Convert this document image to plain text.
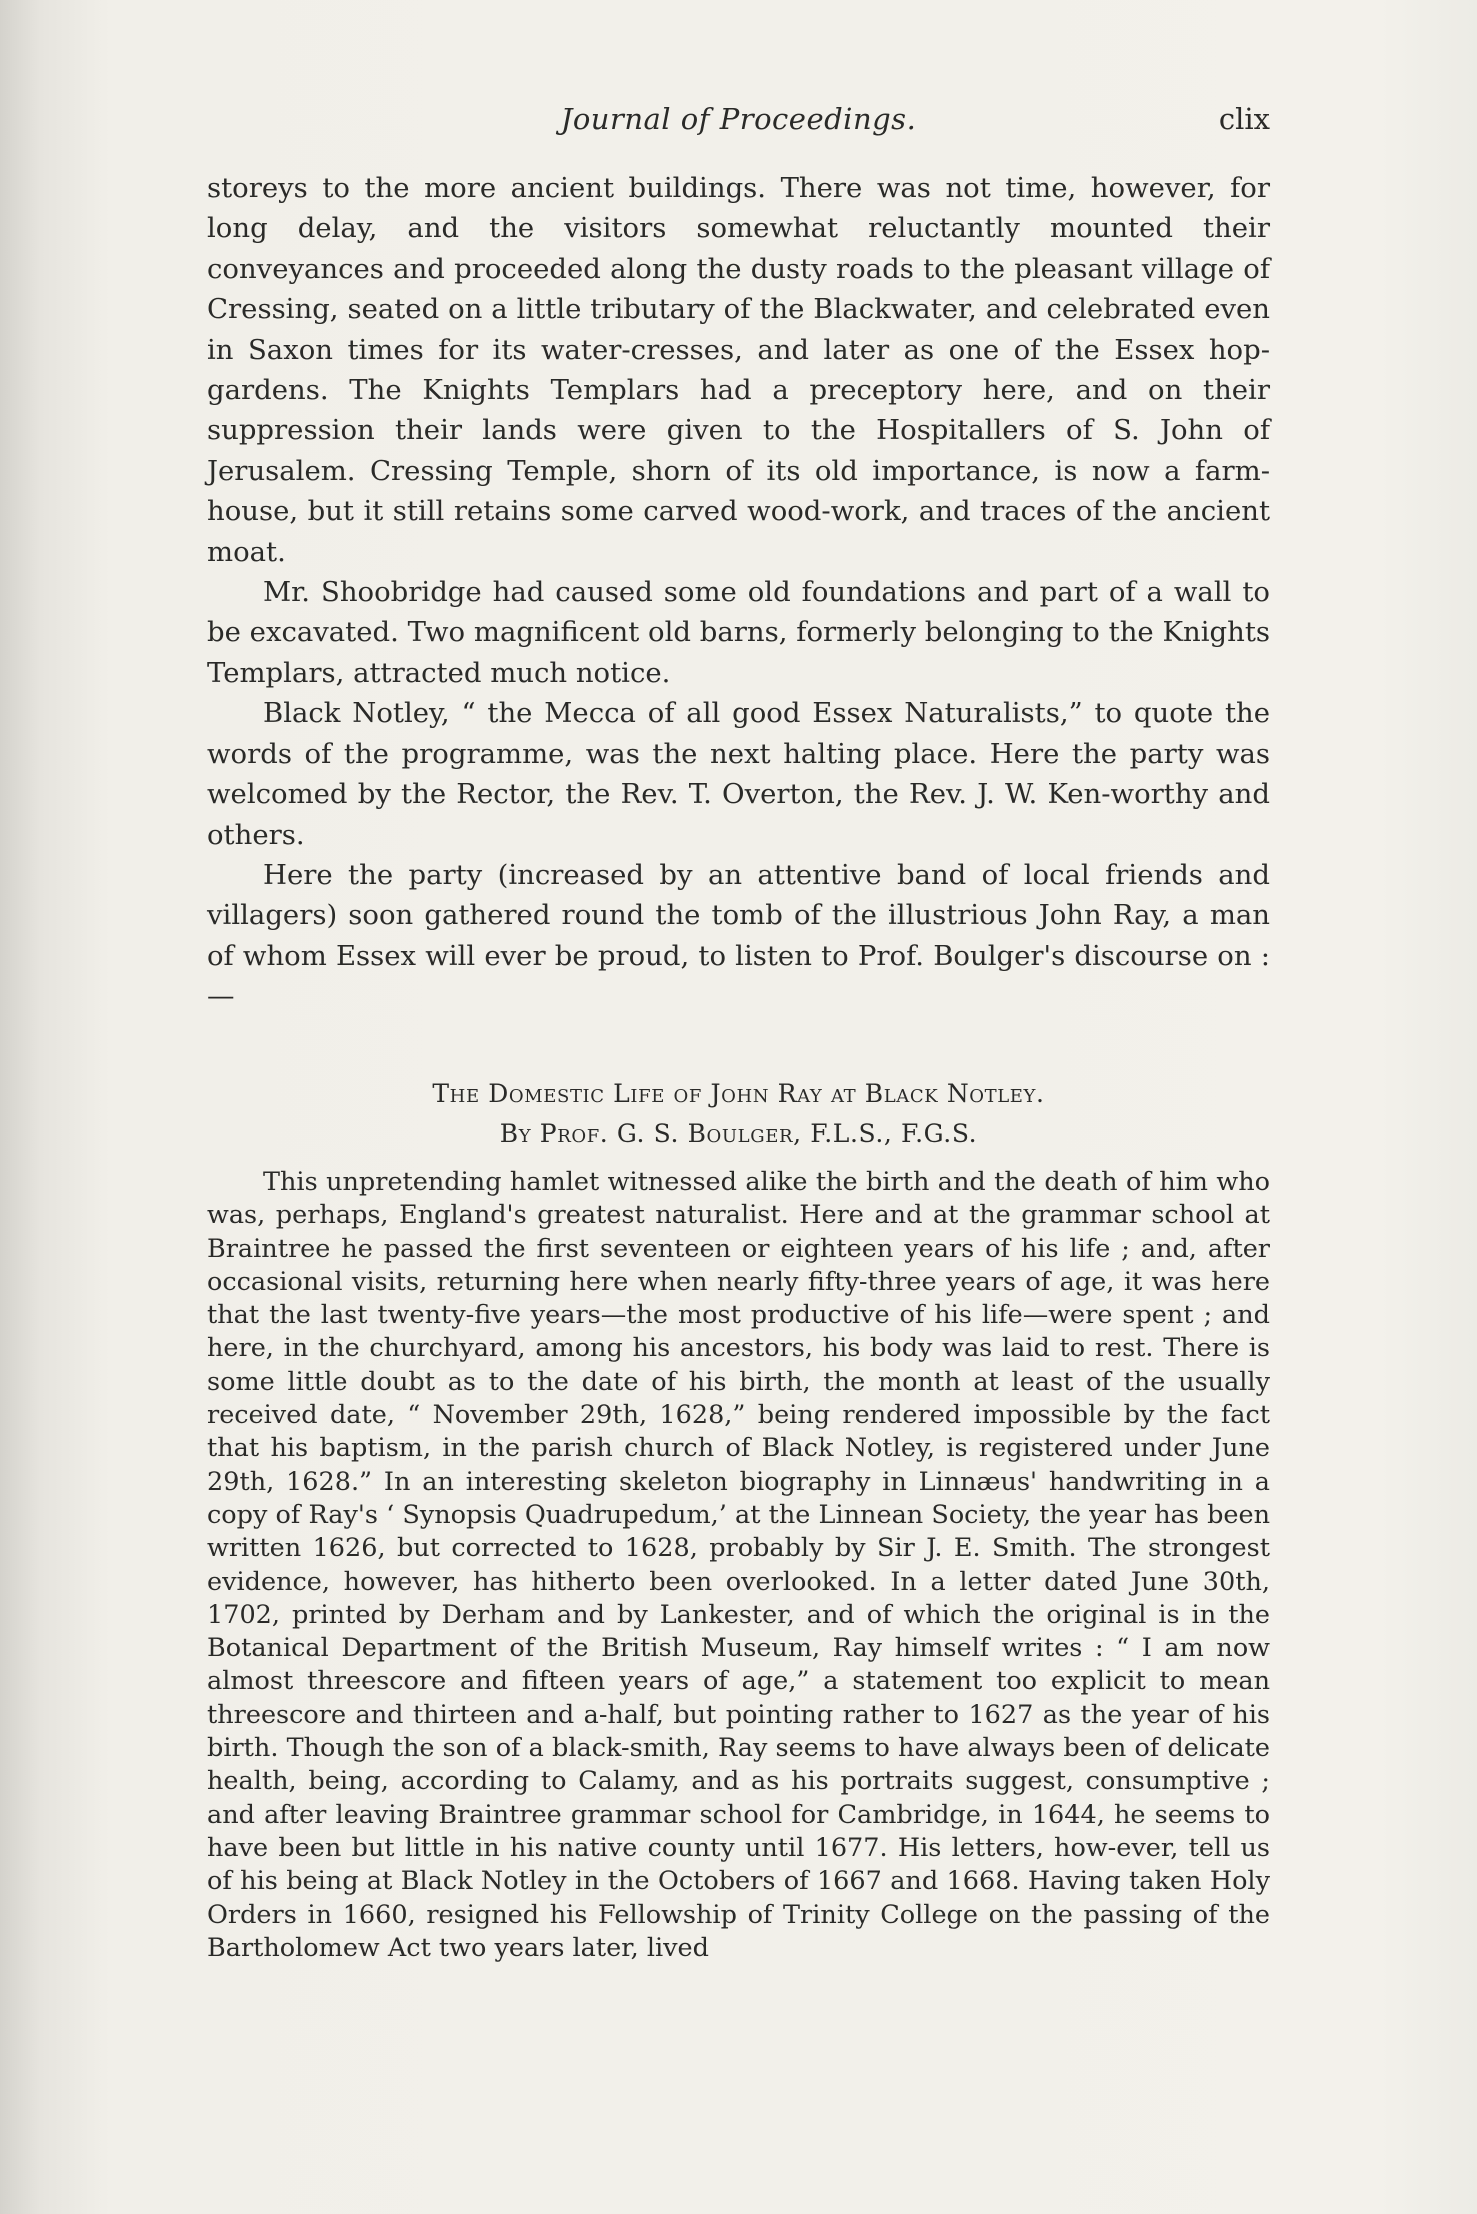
Journal of Proceedings.	clix

storeys to the more ancient buildings. There was not time, however, for long delay, and the visitors somewhat reluctantly mounted their conveyances and proceeded along the dusty roads to the pleasant village of Cressing, seated on a little tributary of the Blackwater, and celebrated even in Saxon times for its water-cresses, and later as one of the Essex hop-gardens. The Knights Templars had a preceptory here, and on their suppression their lands were given to the Hospitallers of S. John of Jerusalem. Cressing Temple, shorn of its old importance, is now a farm-house, but it still retains some carved wood-work, and traces of the ancient moat.

Mr. Shoobridge had caused some old foundations and part of a wall to be excavated. Two magnificent old barns, formerly belonging to the Knights Templars, attracted much notice.

Black Notley, “ the Mecca of all good Essex Naturalists,” to quote the words of the programme, was the next halting place. Here the party was welcomed by the Rector, the Rev. T. Overton, the Rev. J. W. Ken-worthy and others.

Here the party (increased by an attentive band of local friends and villagers) soon gathered round the tomb of the illustrious John Ray, a man of whom Essex will ever be proud, to listen to Prof. Boulger's discourse on :—

The Domestic Life of John Ray at Black Notley.
By Prof. G. S. Boulger, F.L.S., F.G.S.

This unpretending hamlet witnessed alike the birth and the death of him who was, perhaps, England's greatest naturalist. Here and at the grammar school at Braintree he passed the first seventeen or eighteen years of his life ; and, after occasional visits, returning here when nearly fifty-three years of age, it was here that the last twenty-five years—the most productive of his life—were spent ; and here, in the churchyard, among his ancestors, his body was laid to rest. There is some little doubt as to the date of his birth, the month at least of the usually received date, “ November 29th, 1628,” being rendered impossible by the fact that his baptism, in the parish church of Black Notley, is registered under June 29th, 1628.” In an interesting skeleton biography in Linnæus' handwriting in a copy of Ray's ‘ Synopsis Quadrupedum,’ at the Linnean Society, the year has been written 1626, but corrected to 1628, probably by Sir J. E. Smith. The strongest evidence, however, has hitherto been overlooked. In a letter dated June 30th, 1702, printed by Derham and by Lankester, and of which the original is in the Botanical Department of the British Museum, Ray himself writes : “ I am now almost threescore and fifteen years of age,” a statement too explicit to mean threescore and thirteen and a-half, but pointing rather to 1627 as the year of his birth. Though the son of a black-smith, Ray seems to have always been of delicate health, being, according to Calamy, and as his portraits suggest, consumptive ; and after leaving Braintree grammar school for Cambridge, in 1644, he seems to have been but little in his native county until 1677. His letters, how-ever, tell us of his being at Black Notley in the Octobers of 1667 and 1668. Having taken Holy Orders in 1660, resigned his Fellowship of Trinity College on the passing of the Bartholomew Act two years later, lived
